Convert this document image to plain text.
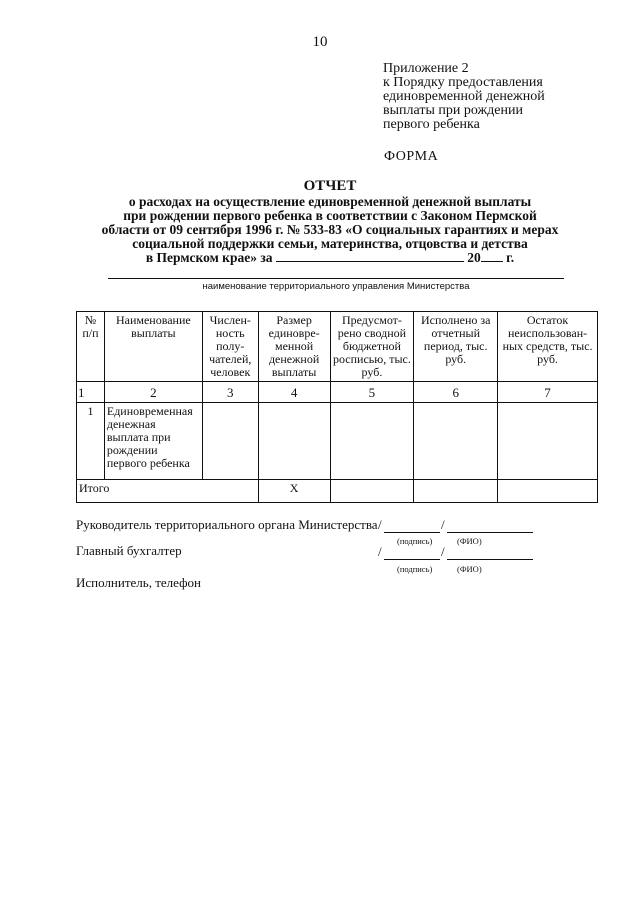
10
Приложение 2
к Порядку предоставления
единовременной денежной
выплаты при рождении
первого ребенка
ФОРМА
ОТЧЕТ
о расходах на осуществление единовременной денежной выплаты
при рождении первого ребенка в соответствии с Законом Пермской
области от 09 сентября 1996 г. № 533-83 «О социальных гарантиях и мерах
социальной поддержки семьи, материнства, отцовства и детства
в Пермском крае» за	20 г.
наименование территориального управления Министерства
№ п/п	Наименование выплаты	Числен-ность полу-чателей, человек	Размер единовре-менной денежной выплаты	Предусмот-рено сводной бюджетной росписью, тыс. руб.	Исполнено за отчетный период, тыс. руб.	Остаток неиспользован-ных средств, тыс. руб.
1	2	3	4	5	6	7
1	Единовременная денежная выплата при рождении первого ребенка					
Итого			X			
Руководитель территориального органа Министерства /	/
(подпись)	(ФИО)
Главный бухгалтер	/	/
(подпись)	(ФИО)
Исполнитель, телефон
